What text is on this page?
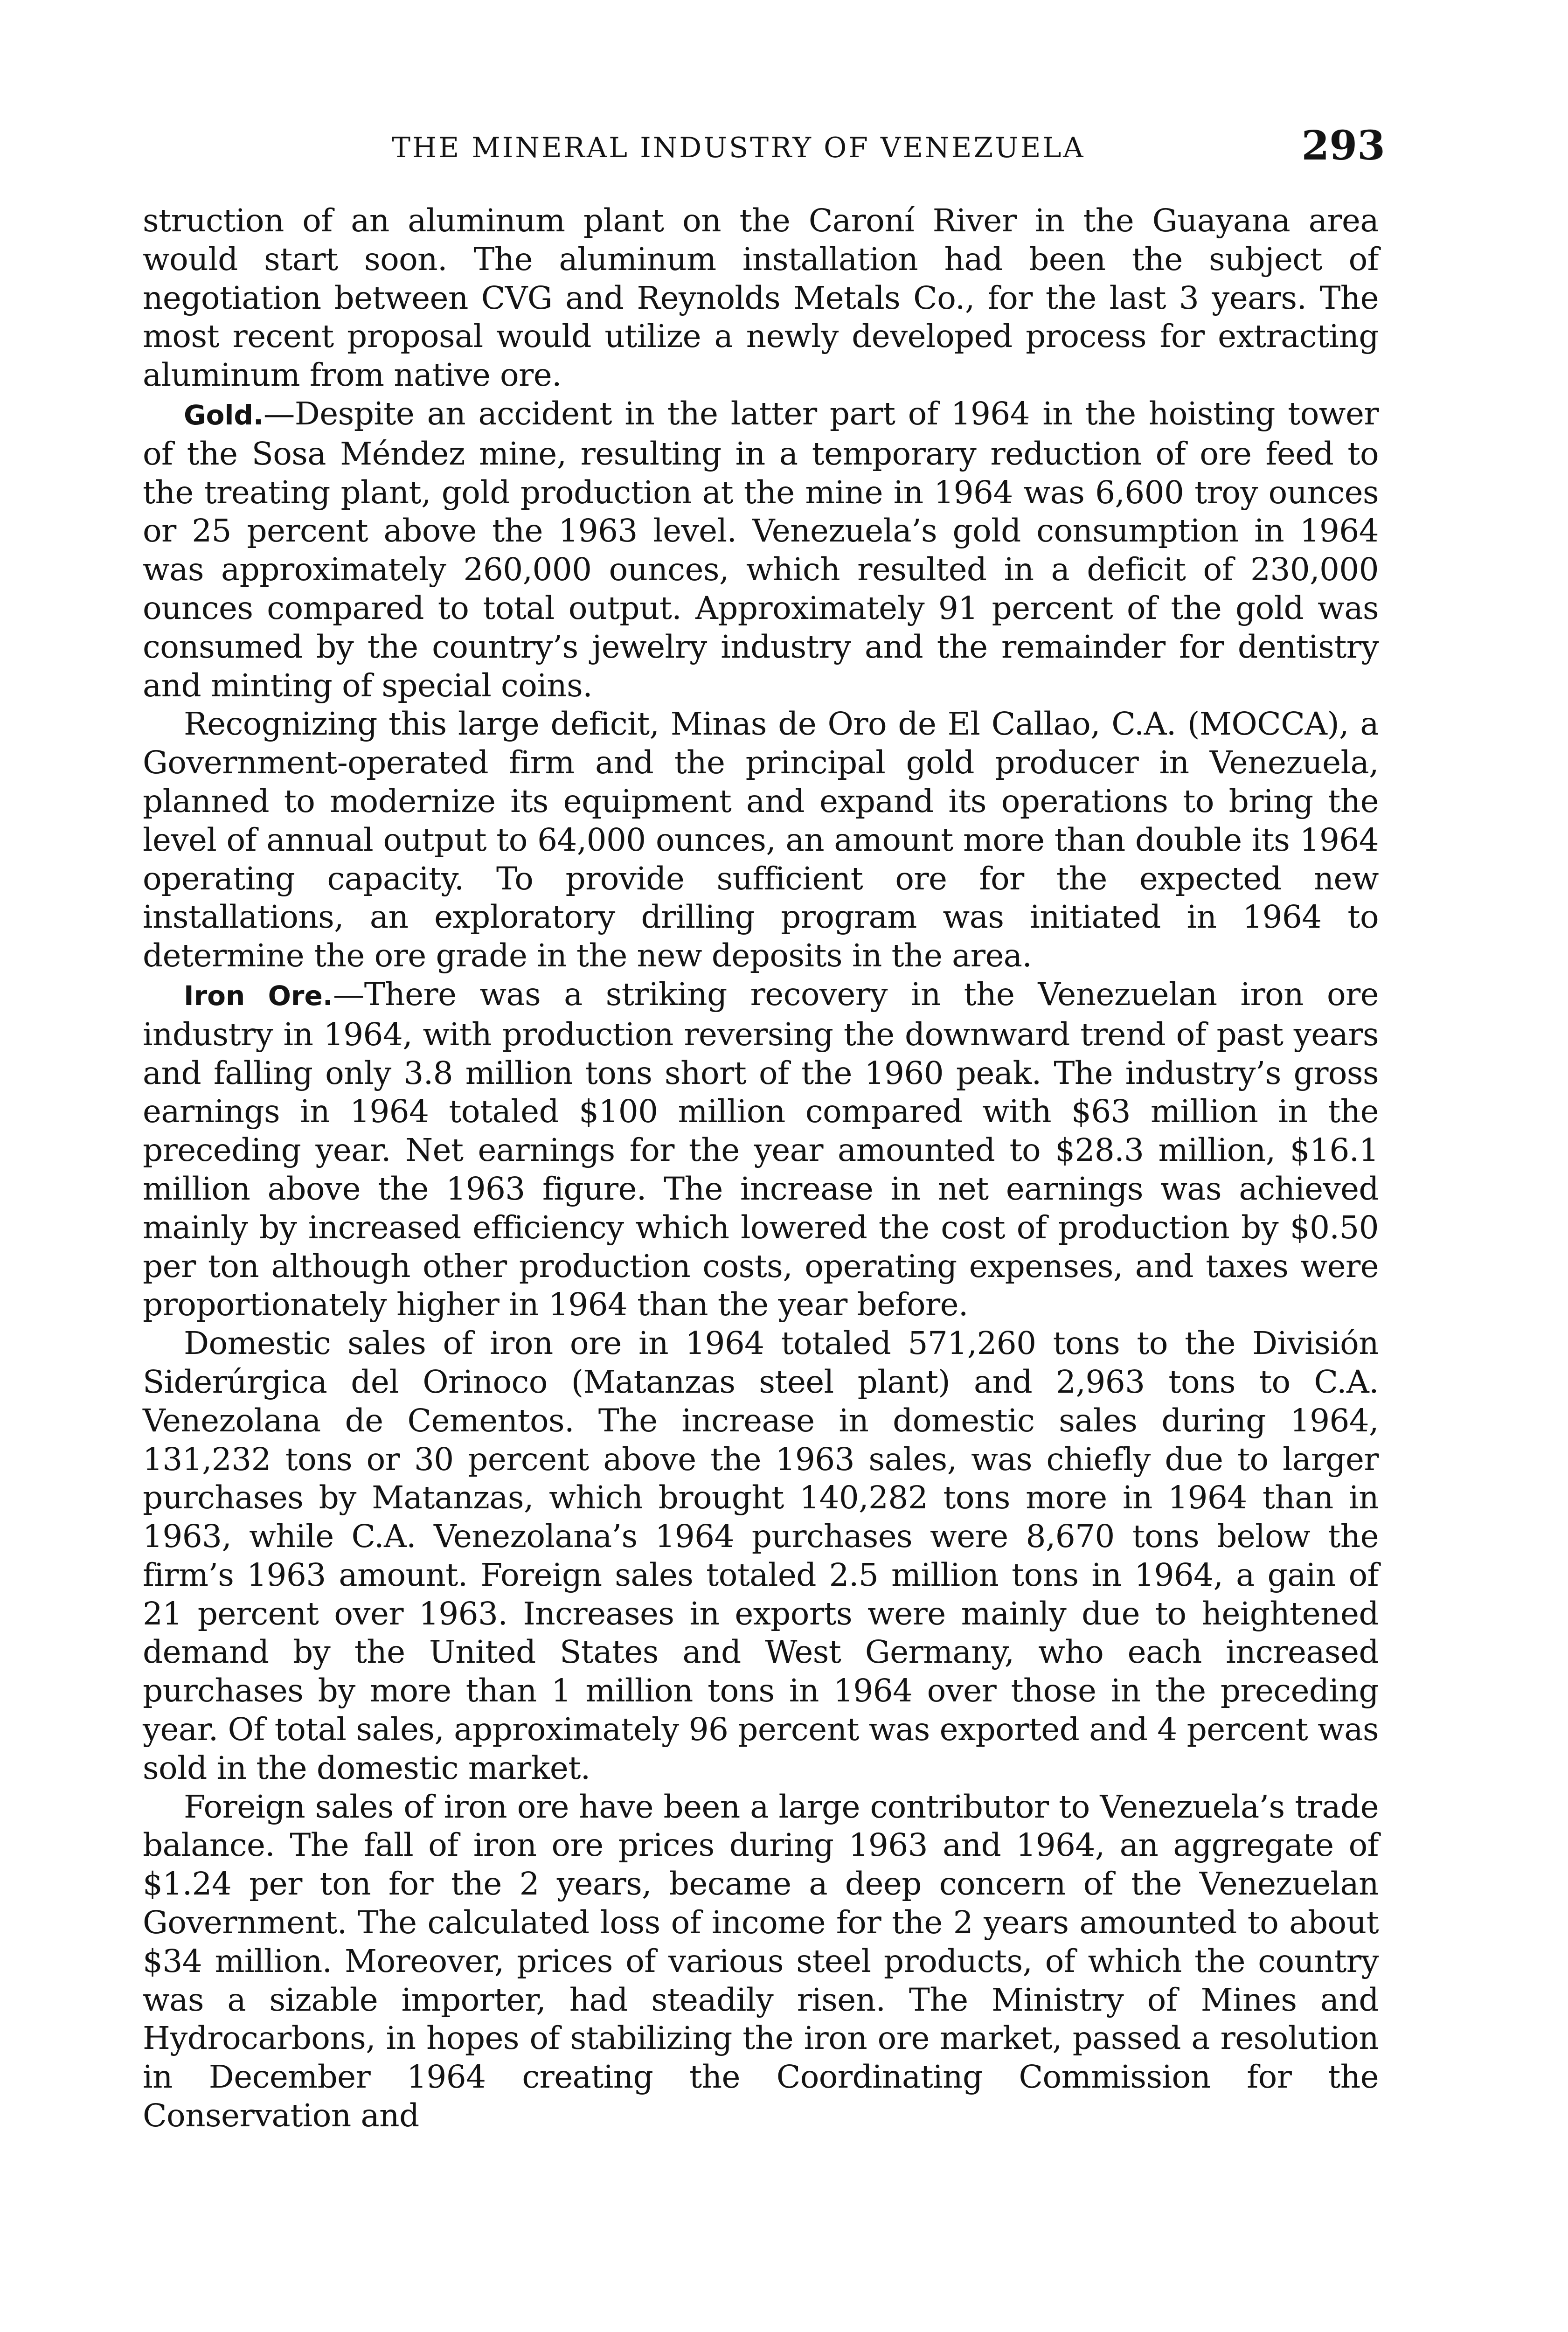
THE MINERAL INDUSTRY OF VENEZUELA	293

struction of an aluminum plant on the Caroní River in the Guayana area would start soon. The aluminum installation had been the subject of negotiation between CVG and Reynolds Metals Co., for the last 3 years. The most recent proposal would utilize a newly developed process for extracting aluminum from native ore.

Gold.—Despite an accident in the latter part of 1964 in the hoisting tower of the Sosa Méndez mine, resulting in a temporary reduction of ore feed to the treating plant, gold production at the mine in 1964 was 6,600 troy ounces or 25 percent above the 1963 level. Venezuela’s gold consumption in 1964 was approximately 260,000 ounces, which resulted in a deficit of 230,000 ounces compared to total output. Approximately 91 percent of the gold was consumed by the country’s jewelry industry and the remainder for dentistry and minting of special coins.

Recognizing this large deficit, Minas de Oro de El Callao, C.A. (MOCCA), a Government-operated firm and the principal gold producer in Venezuela, planned to modernize its equipment and expand its operations to bring the level of annual output to 64,000 ounces, an amount more than double its 1964 operating capacity. To provide sufficient ore for the expected new installations, an exploratory drilling program was initiated in 1964 to determine the ore grade in the new deposits in the area.

Iron Ore.—There was a striking recovery in the Venezuelan iron ore industry in 1964, with production reversing the downward trend of past years and falling only 3.8 million tons short of the 1960 peak. The industry’s gross earnings in 1964 totaled $100 million compared with $63 million in the preceding year. Net earnings for the year amounted to $28.3 million, $16.1 million above the 1963 figure. The increase in net earnings was achieved mainly by increased efficiency which lowered the cost of production by $0.50 per ton although other production costs, operating expenses, and taxes were proportionately higher in 1964 than the year before.

Domestic sales of iron ore in 1964 totaled 571,260 tons to the División Siderúrgica del Orinoco (Matanzas steel plant) and 2,963 tons to C.A. Venezolana de Cementos. The increase in domestic sales during 1964, 131,232 tons or 30 percent above the 1963 sales, was chiefly due to larger purchases by Matanzas, which brought 140,282 tons more in 1964 than in 1963, while C.A. Venezolana’s 1964 purchases were 8,670 tons below the firm’s 1963 amount. Foreign sales totaled 2.5 million tons in 1964, a gain of 21 percent over 1963. Increases in exports were mainly due to heightened demand by the United States and West Germany, who each increased purchases by more than 1 million tons in 1964 over those in the preceding year. Of total sales, approximately 96 percent was exported and 4 percent was sold in the domestic market.

Foreign sales of iron ore have been a large contributor to Venezuela’s trade balance. The fall of iron ore prices during 1963 and 1964, an aggregate of $1.24 per ton for the 2 years, became a deep concern of the Venezuelan Government. The calculated loss of income for the 2 years amounted to about $34 million. Moreover, prices of various steel products, of which the country was a sizable importer, had steadily risen. The Ministry of Mines and Hydrocarbons, in hopes of stabilizing the iron ore market, passed a resolution in December 1964 creating the Coordinating Commission for the Conservation and
